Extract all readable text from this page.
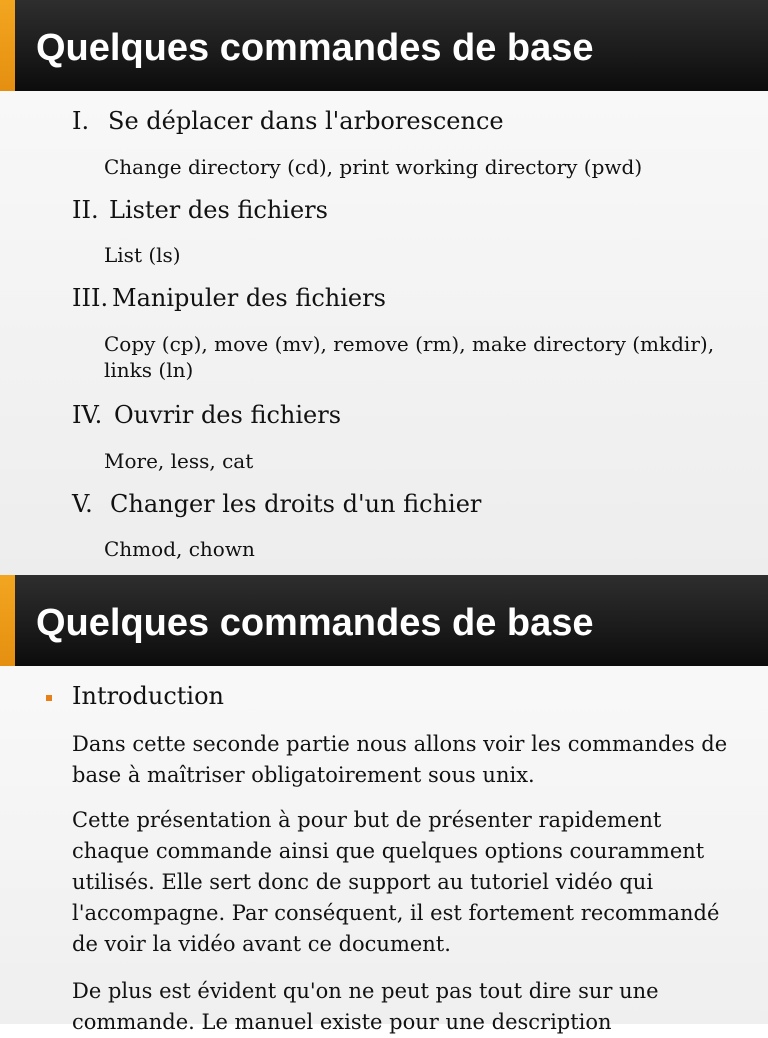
Quelques commandes de base
I. Se déplacer dans l'arborescence
Change directory (cd), print working directory (pwd)
II. Lister des fichiers
List (ls)
III. Manipuler des fichiers
Copy (cp), move (mv), remove (rm), make directory (mkdir), links (ln)
IV. Ouvrir des fichiers
More, less, cat
V. Changer les droits d'un fichier
Chmod, chown
Quelques commandes de base
Introduction
Dans cette seconde partie nous allons voir les commandes de base à maîtriser obligatoirement sous unix.
Cette présentation à pour but de présenter rapidement chaque commande ainsi que quelques options couramment utilisés. Elle sert donc de support au tutoriel vidéo qui l'accompagne. Par conséquent, il est fortement recommandé de voir la vidéo avant ce document.
De plus est évident qu'on ne peut pas tout dire sur une commande. Le manuel existe pour une description
